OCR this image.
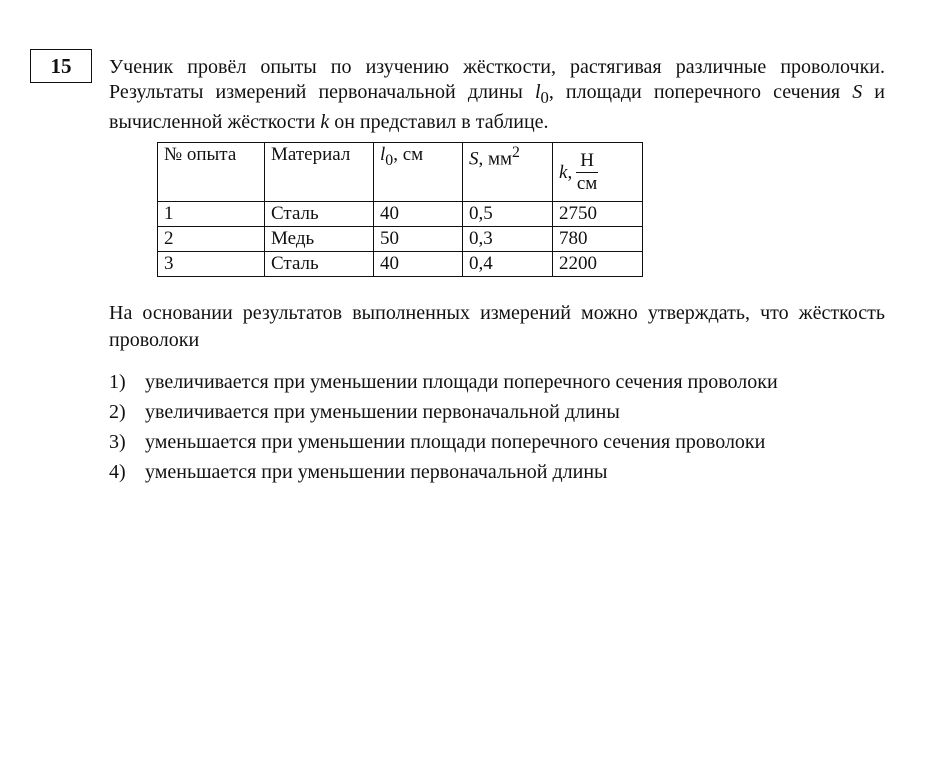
15 Ученик провёл опыты по изучению жёсткости, растягивая различные проволочки. Результаты измерений первоначальной длины $l_0$, площади поперечного сечения S и вычисленной жёсткости k он представил в таблице.

№ опыта	Материал	$l_0$, см	S, $мм^2$	k , $\frac{Н}{см}$

1	Сталь	40	0,5	2750
2	Медь	50	0,3	780
3	Сталь	40	0,4	2200

На основании результатов выполненных измерений можно утверждать, что жёсткость проволоки

1) увеличивается при уменьшении площади поперечного сечения проволоки
2) увеличивается при уменьшении первоначальной длины
3) уменьшается при уменьшении площади поперечного сечения проволоки
4) уменьшается при уменьшении первоначальной длины
